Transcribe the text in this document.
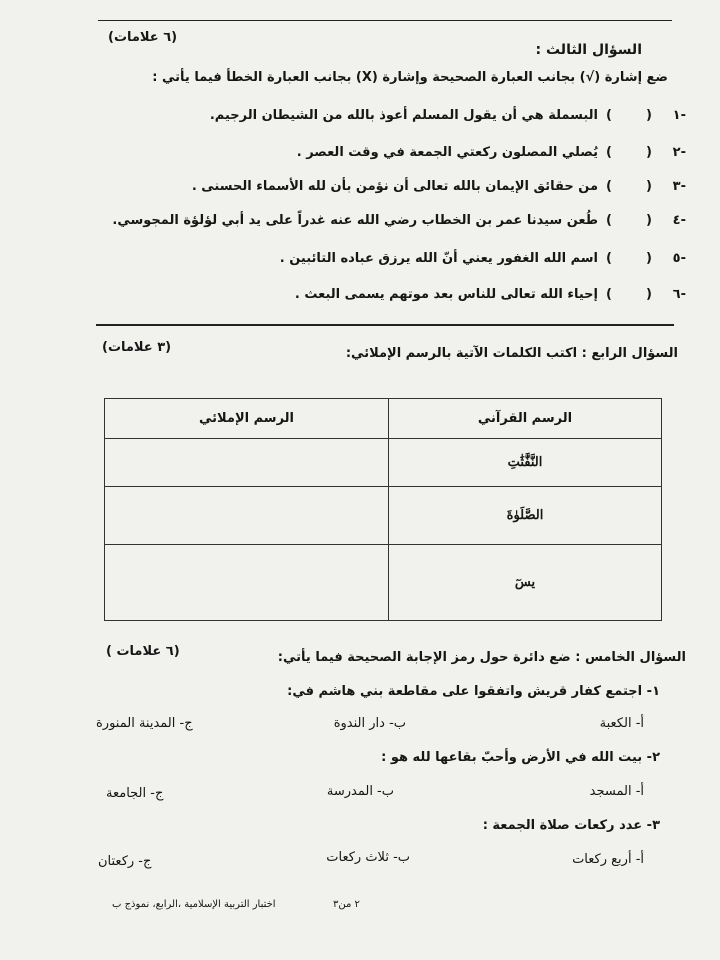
السؤال الثالث :
(٦ علامات)
ضع إشارة (√) بجانب العبارة الصحيحة وإشارة (X) بجانب العبارة الخطأ فيما يأتي :
-١
(
)
البسملة هي أن يقول المسلم أعوذ بالله من الشيطان الرجيم.
-٢
(
)
يُصلي المصلون ركعتي الجمعة في وقت العصر .
-٣
(
)
من حقائق الإيمان بالله تعالى أن نؤمن بأن لله الأسماء الحسنى .
-٤
(
)
طُعن سيدنا عمر بن الخطاب رضي الله عنه غدراً على يد أبي لؤلؤة المجوسي.
-٥
(
)
اسم الله الغفور يعني أنّ الله يرزق عباده التائبين .
-٦
(
)
إحياء الله تعالى للناس بعد موتهم يسمى البعث .
السؤال الرابع : اكتب الكلمات الآتية بالرسم الإملائي:
(٣ علامات)
الرسم القرآني	الرسم الإملائي
النَّفَّٰثَٰتِ	
الصَّلَوٰةَ	
يسٓ	
السؤال الخامس : ضع دائرة حول رمز الإجابة الصحيحة فيما يأتي:
(٦ علامات )
١- اجتمع كفار قريش واتفقوا على مقاطعة بني هاشم في:
أ- الكعبة
ب- دار الندوة
ج- المدينة المنورة
٢- بيت الله في الأرض وأحبّ بقاعها لله هو :
أ- المسجد
ب- المدرسة
ج- الجامعة
٣- عدد ركعات صلاة الجمعة :
أ- أربع ركعات
ب- ثلاث ركعات
ج- ركعتان
اختبار التربية الإسلامية ،الرابع، نموذج ب	٢ من٣
